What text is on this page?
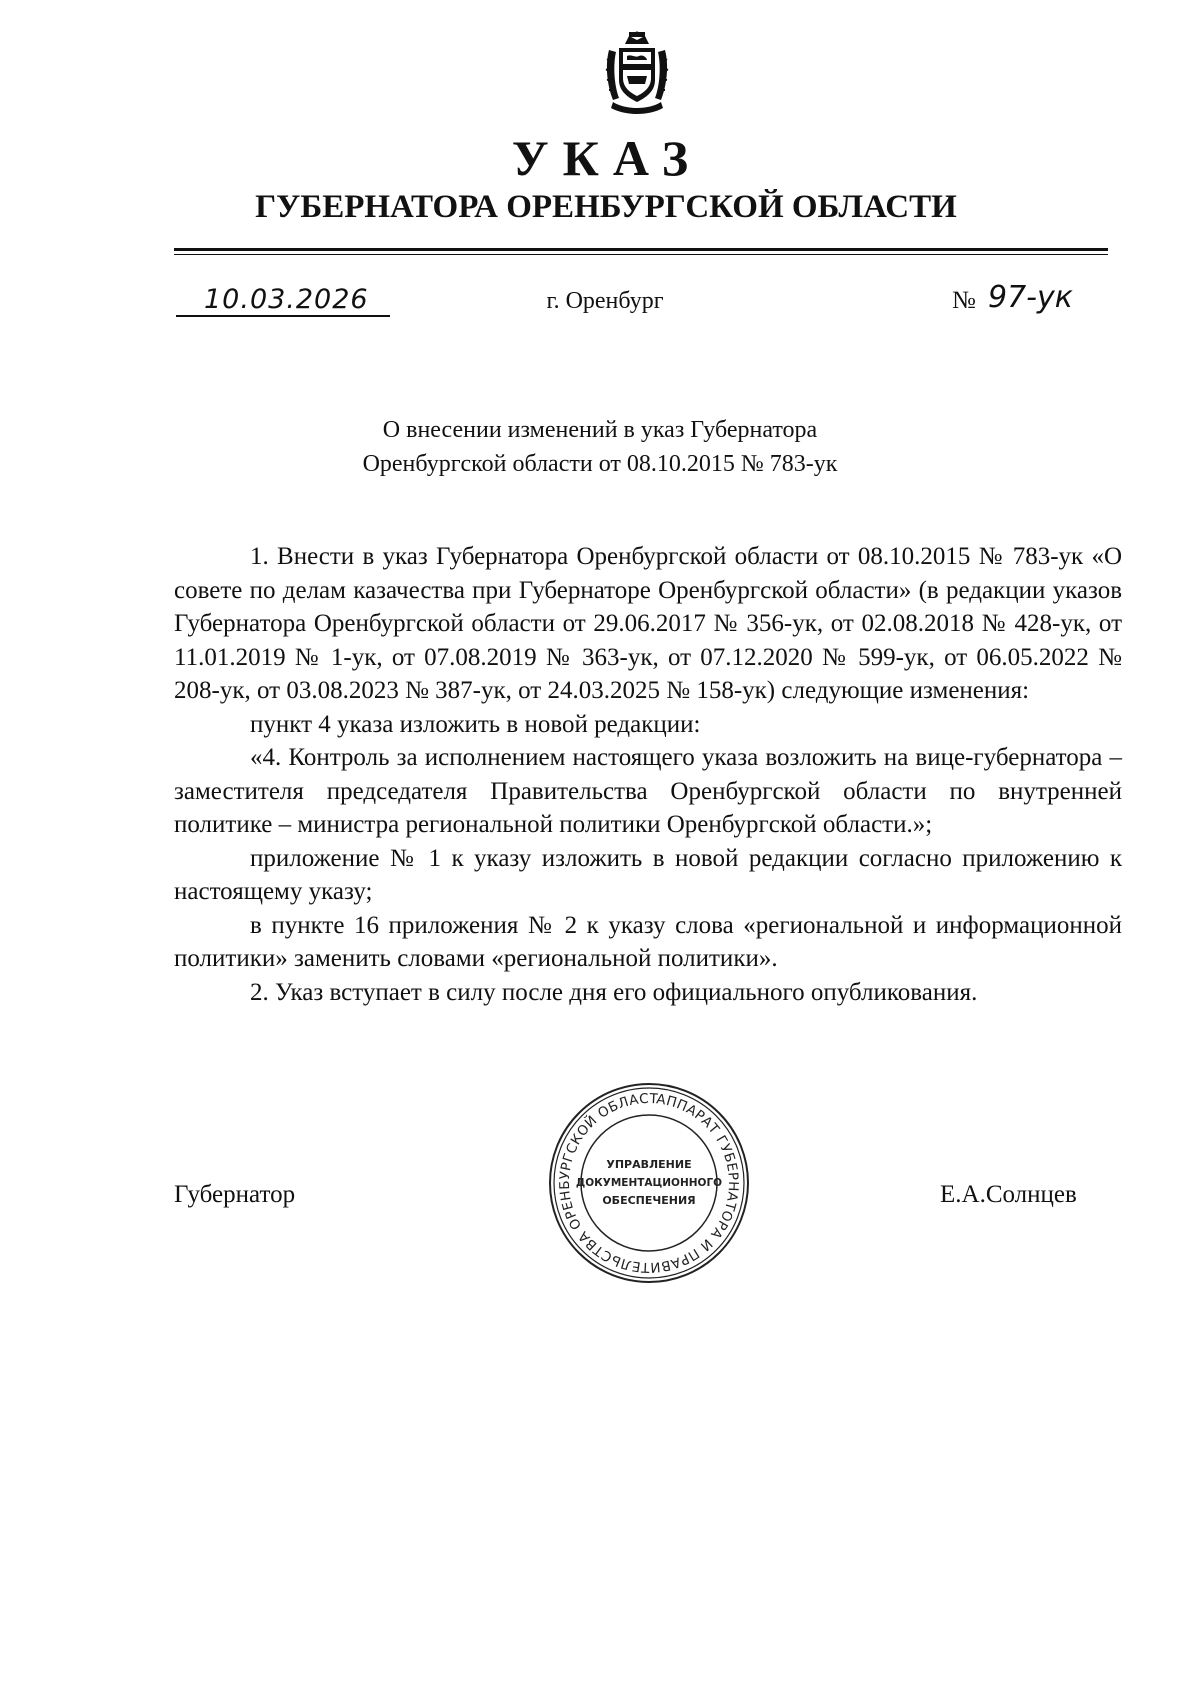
УКАЗ
ГУБЕРНАТОРА ОРЕНБУРГСКОЙ ОБЛАСТИ
10.03.2026	г. Оренбург	№ 97-ук
О внесении изменений в указ Губернатора
Оренбургской области от 08.10.2015 № 783-ук

1. Внести в указ Губернатора Оренбургской области от 08.10.2015 № 783-ук «О совете по делам казачества при Губернаторе Оренбургской области» (в редакции указов Губернатора Оренбургской области от 29.06.2017 № 356-ук, от 02.08.2018 № 428-ук, от 11.01.2019 № 1-ук, от 07.08.2019 № 363-ук, от 07.12.2020 № 599-ук, от 06.05.2022 № 208-ук, от 03.08.2023 № 387-ук, от 24.03.2025 № 158-ук) следующие изменения:

пункт 4 указа изложить в новой редакции:

«4. Контроль за исполнением настоящего указа возложить на вице-губернатора – заместителя председателя Правительства Оренбургской области по внутренней политике – министра региональной политики Оренбургской области.»;

приложение № 1 к указу изложить в новой редакции согласно приложению к настоящему указу;

в пункте 16 приложения № 2 к указу слова «региональной и информационной политики» заменить словами «региональной политики».

2. Указ вступает в силу после дня его официального опубликования.

Губернатор
АППАРАТ ГУБЕРНАТОРА И ПРАВИТЕЛЬСТВА ОРЕНБУРГСКОЙ ОБЛАСТИ
УПРАВЛЕНИЕ
ДОКУМЕНТАЦИОННОГО
ОБЕСПЕЧЕНИЯ	Е.А.Солнцев
